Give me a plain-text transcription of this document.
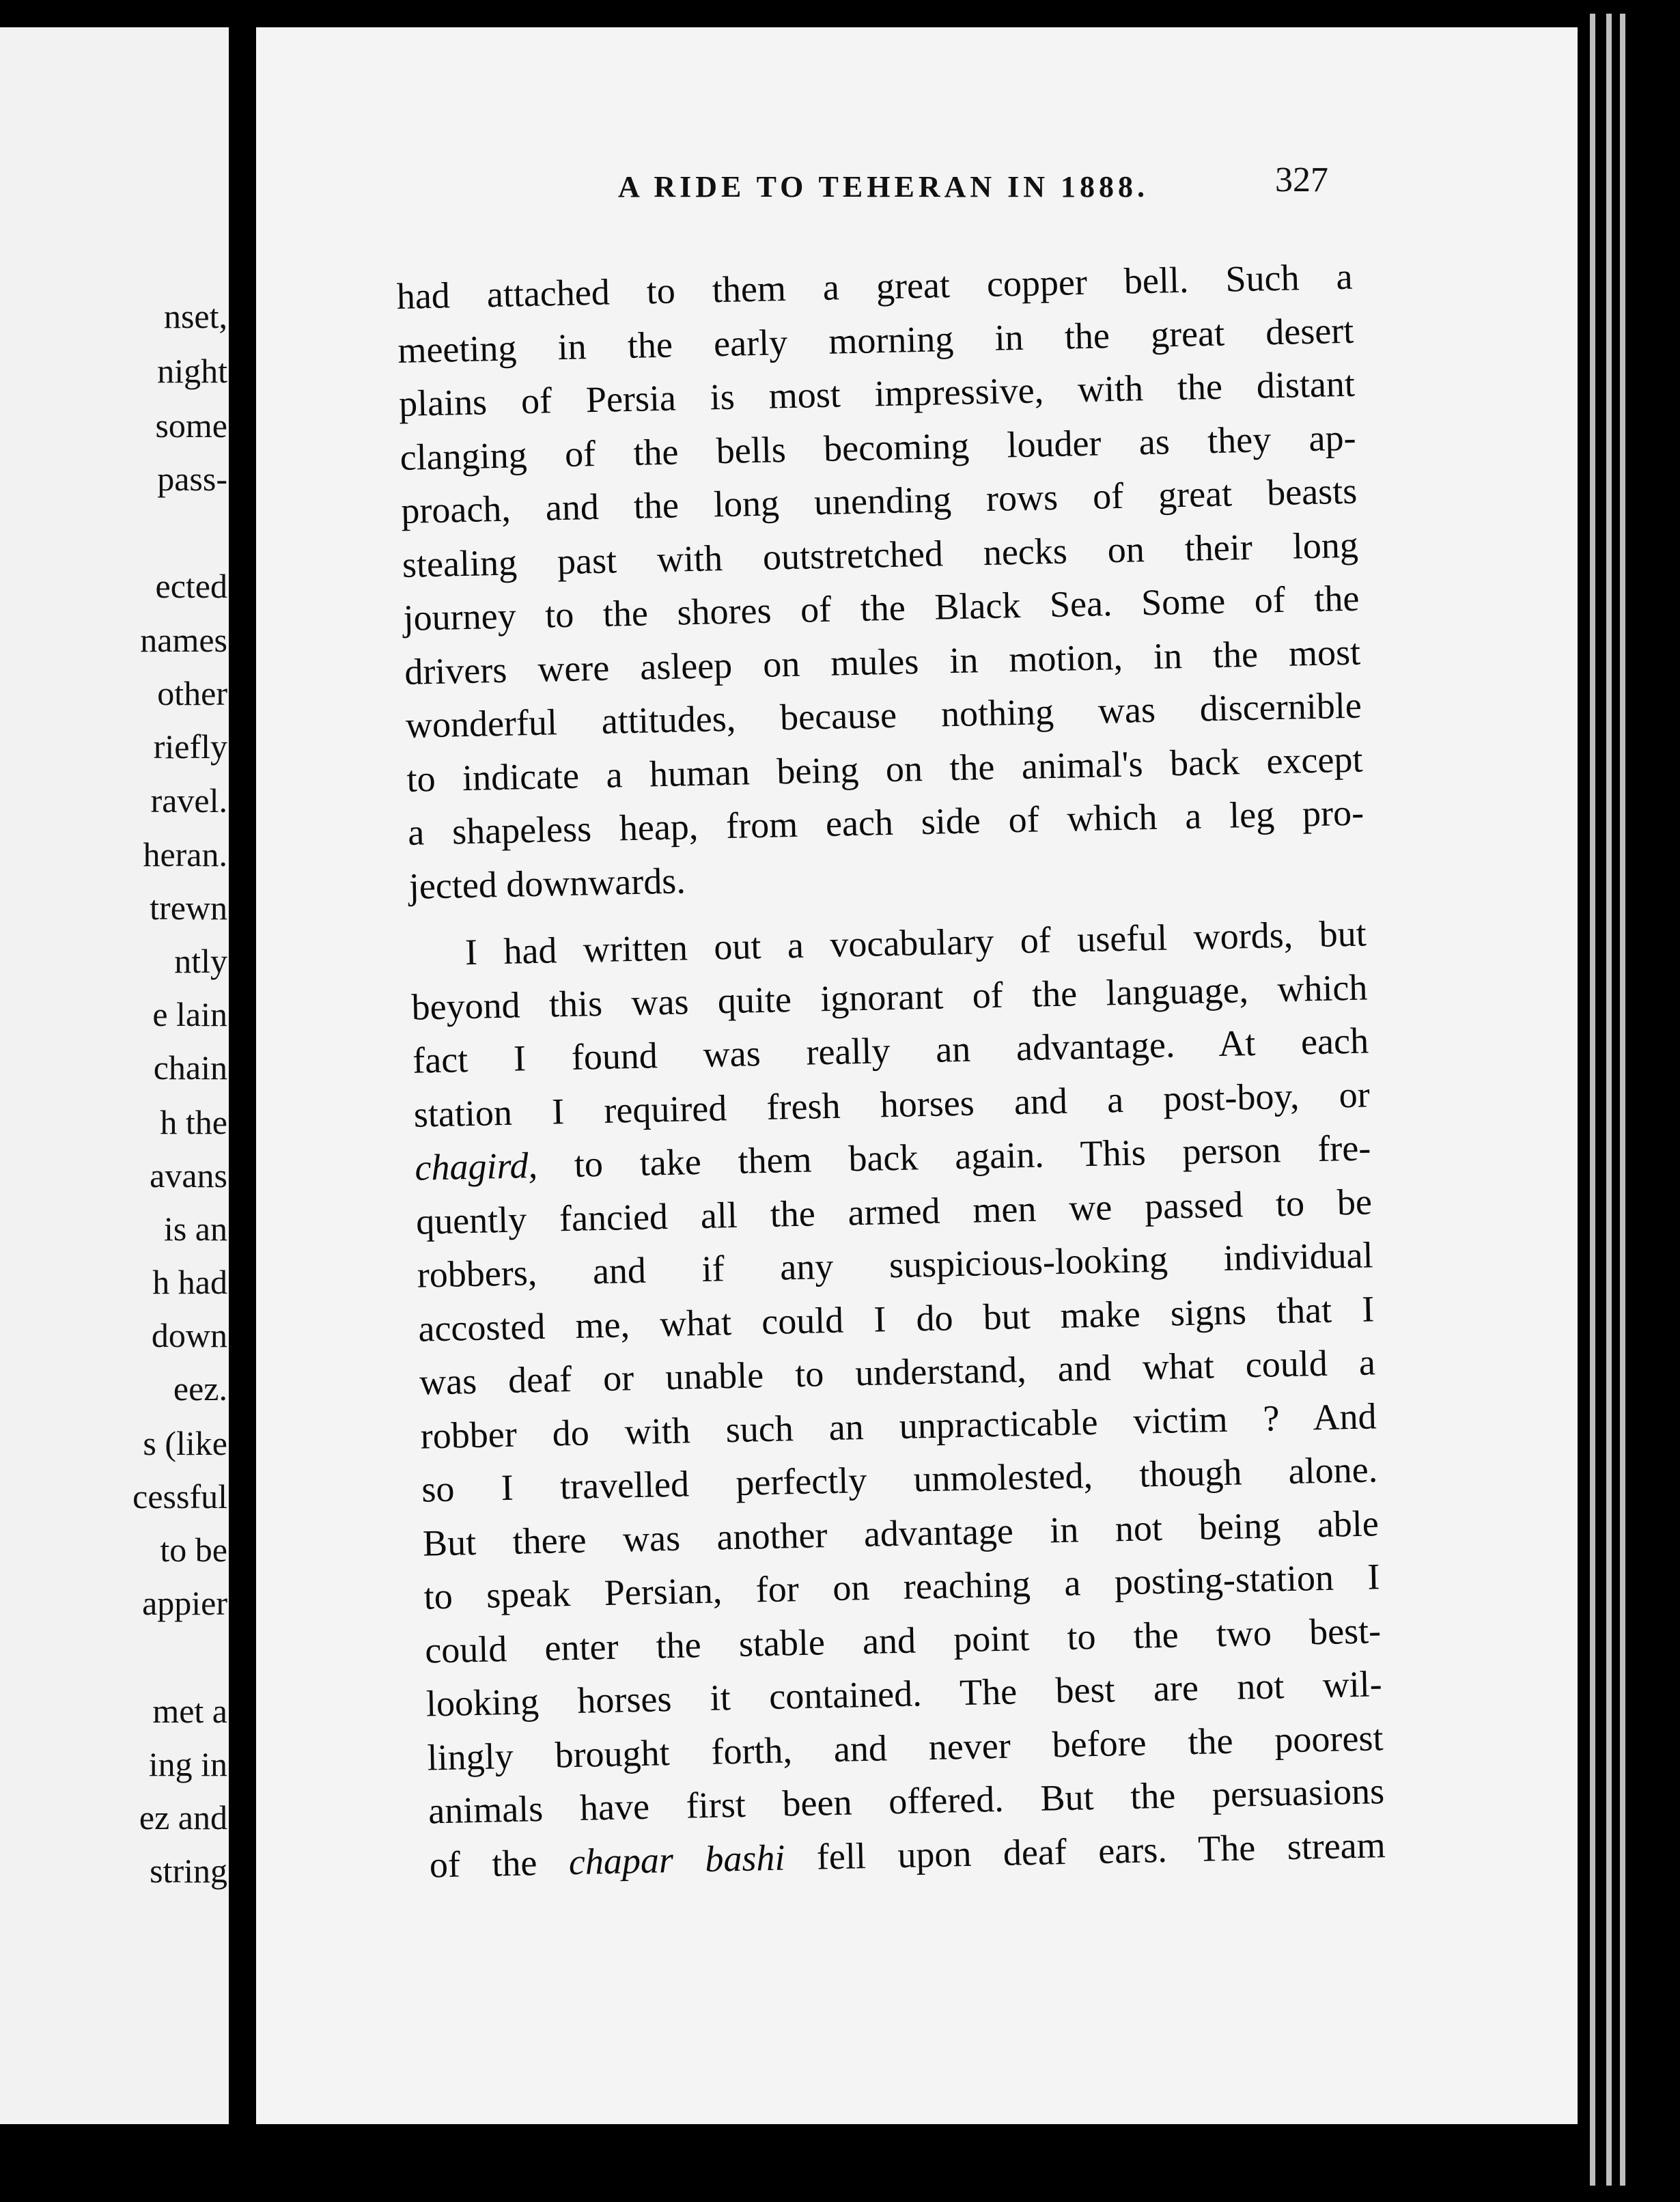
nset,
night
some
pass-
ected
names
other
riefly
ravel.
heran.
trewn
ntly
e lain
chain
h the
avans
is an
h had
down
eez.
s (like
cessful
to be
appier
met a
ing in
ez and
string
A RIDE TO TEHERAN IN 1888.	327
had attached to them a great copper bell. Such a
meeting in the early morning in the great desert
plains of Persia is most impressive, with the distant
clanging of the bells becoming louder as they ap-
proach, and the long unending rows of great beasts
stealing past with outstretched necks on their long
journey to the shores of the Black Sea. Some of the
drivers were asleep on mules in motion, in the most
wonderful attitudes, because nothing was discernible
to indicate a human being on the animal's back except
a shapeless heap, from each side of which a leg pro-
jected downwards.
I had written out a vocabulary of useful words, but
beyond this was quite ignorant of the language, which
fact I found was really an advantage. At each
station I required fresh horses and a post-boy, or
chagird, to take them back again. This person fre-
quently fancied all the armed men we passed to be
robbers, and if any suspicious-looking individual
accosted me, what could I do but make signs that I
was deaf or unable to understand, and what could a
robber do with such an unpracticable victim ? And
so I travelled perfectly unmolested, though alone.
But there was another advantage in not being able
to speak Persian, for on reaching a posting-station I
could enter the stable and point to the two best-
looking horses it contained. The best are not wil-
lingly brought forth, and never before the poorest
animals have first been offered. But the persuasions
of the chapar bashi fell upon deaf ears. The stream
